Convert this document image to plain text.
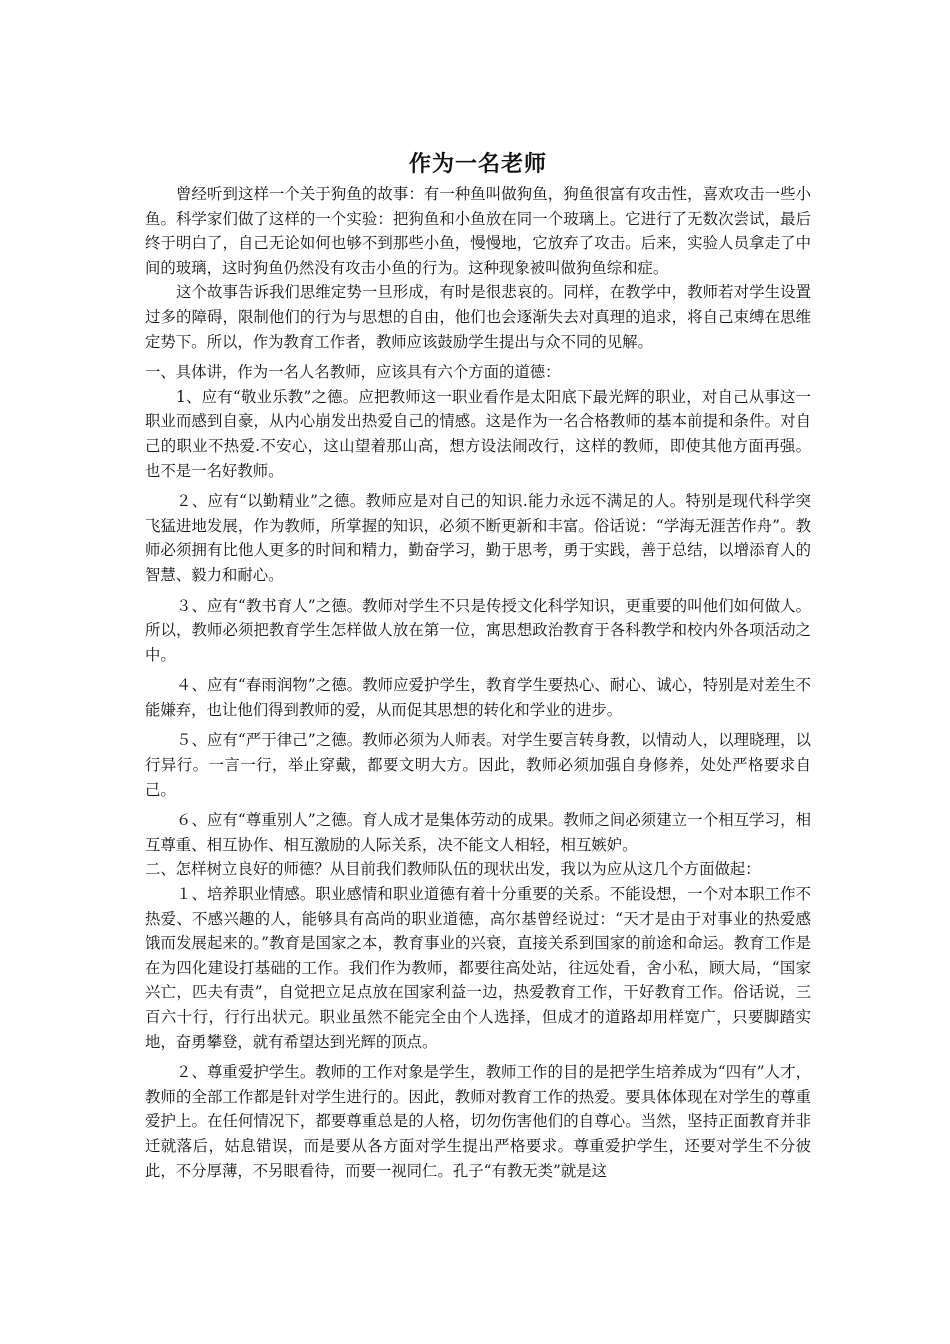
作为一名老师

曾经听到这样一个关于狗鱼的故事：有一种鱼叫做狗鱼，狗鱼很富有攻击性，喜欢攻击一些小鱼。科学家们做了这样的一个实验：把狗鱼和小鱼放在同一个玻璃上。它进行了无数次尝试，最后终于明白了，自己无论如何也够不到那些小鱼，慢慢地，它放弃了攻击。后来，实验人员拿走了中间的玻璃，这时狗鱼仍然没有攻击小鱼的行为。这种现象被叫做狗鱼综和症。

这个故事告诉我们思维定势一旦形成，有时是很悲哀的。同样，在教学中，教师若对学生设置过多的障碍，限制他们的行为与思想的自由，他们也会逐渐失去对真理的追求，将自己束缚在思维定势下。所以，作为教育工作者，教师应该鼓励学生提出与众不同的见解。

一、具体讲，作为一名人名教师，应该具有六个方面的道德：

1、应有“敬业乐教”之德。应把教师这一职业看作是太阳底下最光辉的职业，对自己从事这一职业而感到自豪，从内心崩发出热爱自己的情感。这是作为一名合格教师的基本前提和条件。对自己的职业不热爱.不安心，这山望着那山高，想方设法闹改行，这样的教师，即使其他方面再强。也不是一名好教师。

２、应有“以勤精业”之德。教师应是对自己的知识.能力永远不满足的人。特别是现代科学突飞猛进地发展，作为教师，所掌握的知识，必须不断更新和丰富。俗话说：“学海无涯苦作舟”。教师必须拥有比他人更多的时间和精力，勤奋学习，勤于思考，勇于实践，善于总结，以增添育人的智慧、毅力和耐心。

３、应有“教书育人”之德。教师对学生不只是传授文化科学知识，更重要的叫他们如何做人。所以，教师必须把教育学生怎样做人放在第一位，寓思想政治教育于各科教学和校内外各项活动之中。

４、应有“春雨润物”之德。教师应爱护学生，教育学生要热心、耐心、诚心，特别是对差生不能嫌弃，也让他们得到教师的爱，从而促其思想的转化和学业的进步。

５、应有“严于律己”之德。教师必须为人师表。对学生要言转身教，以情动人，以理晓理，以行异行。一言一行，举止穿戴，都要文明大方。因此，教师必须加强自身修养，处处严格要求自己。

６、应有“尊重别人”之德。育人成才是集体劳动的成果。教师之间必须建立一个相互学习，相互尊重、相互协作、相互激励的人际关系，决不能文人相轻，相互嫉妒。

二、怎样树立良好的师德？从目前我们教师队伍的现状出发，我以为应从这几个方面做起：

１、培养职业情感。职业感情和职业道德有着十分重要的关系。不能设想，一个对本职工作不热爱、不感兴趣的人，能够具有高尚的职业道德，高尔基曾经说过：“天才是由于对事业的热爱感饿而发展起来的。”教育是国家之本，教育事业的兴衰，直接关系到国家的前途和命运。教育工作是在为四化建设打基础的工作。我们作为教师，都要往高处站，往远处看，舍小私，顾大局，“国家兴亡，匹夫有责”，自觉把立足点放在国家利益一边，热爱教育工作，干好教育工作。俗话说，三百六十行，行行出状元。职业虽然不能完全由个人选择，但成才的道路却用样宽广，只要脚踏实地，奋勇攀登，就有希望达到光辉的顶点。

２、尊重爱护学生。教师的工作对象是学生，教师工作的目的是把学生培养成为“四有”人才，教师的全部工作都是针对学生进行的。因此，教师对教育工作的热爱。要具体体现在对学生的尊重爱护上。在任何情况下，都要尊重总是的人格，切勿伤害他们的自尊心。当然，坚持正面教育并非迁就落后，姑息错误，而是要从各方面对学生提出严格要求。尊重爱护学生，还要对学生不分彼此，不分厚薄，不另眼看待，而要一视同仁。孔子“有教无类”就是这
